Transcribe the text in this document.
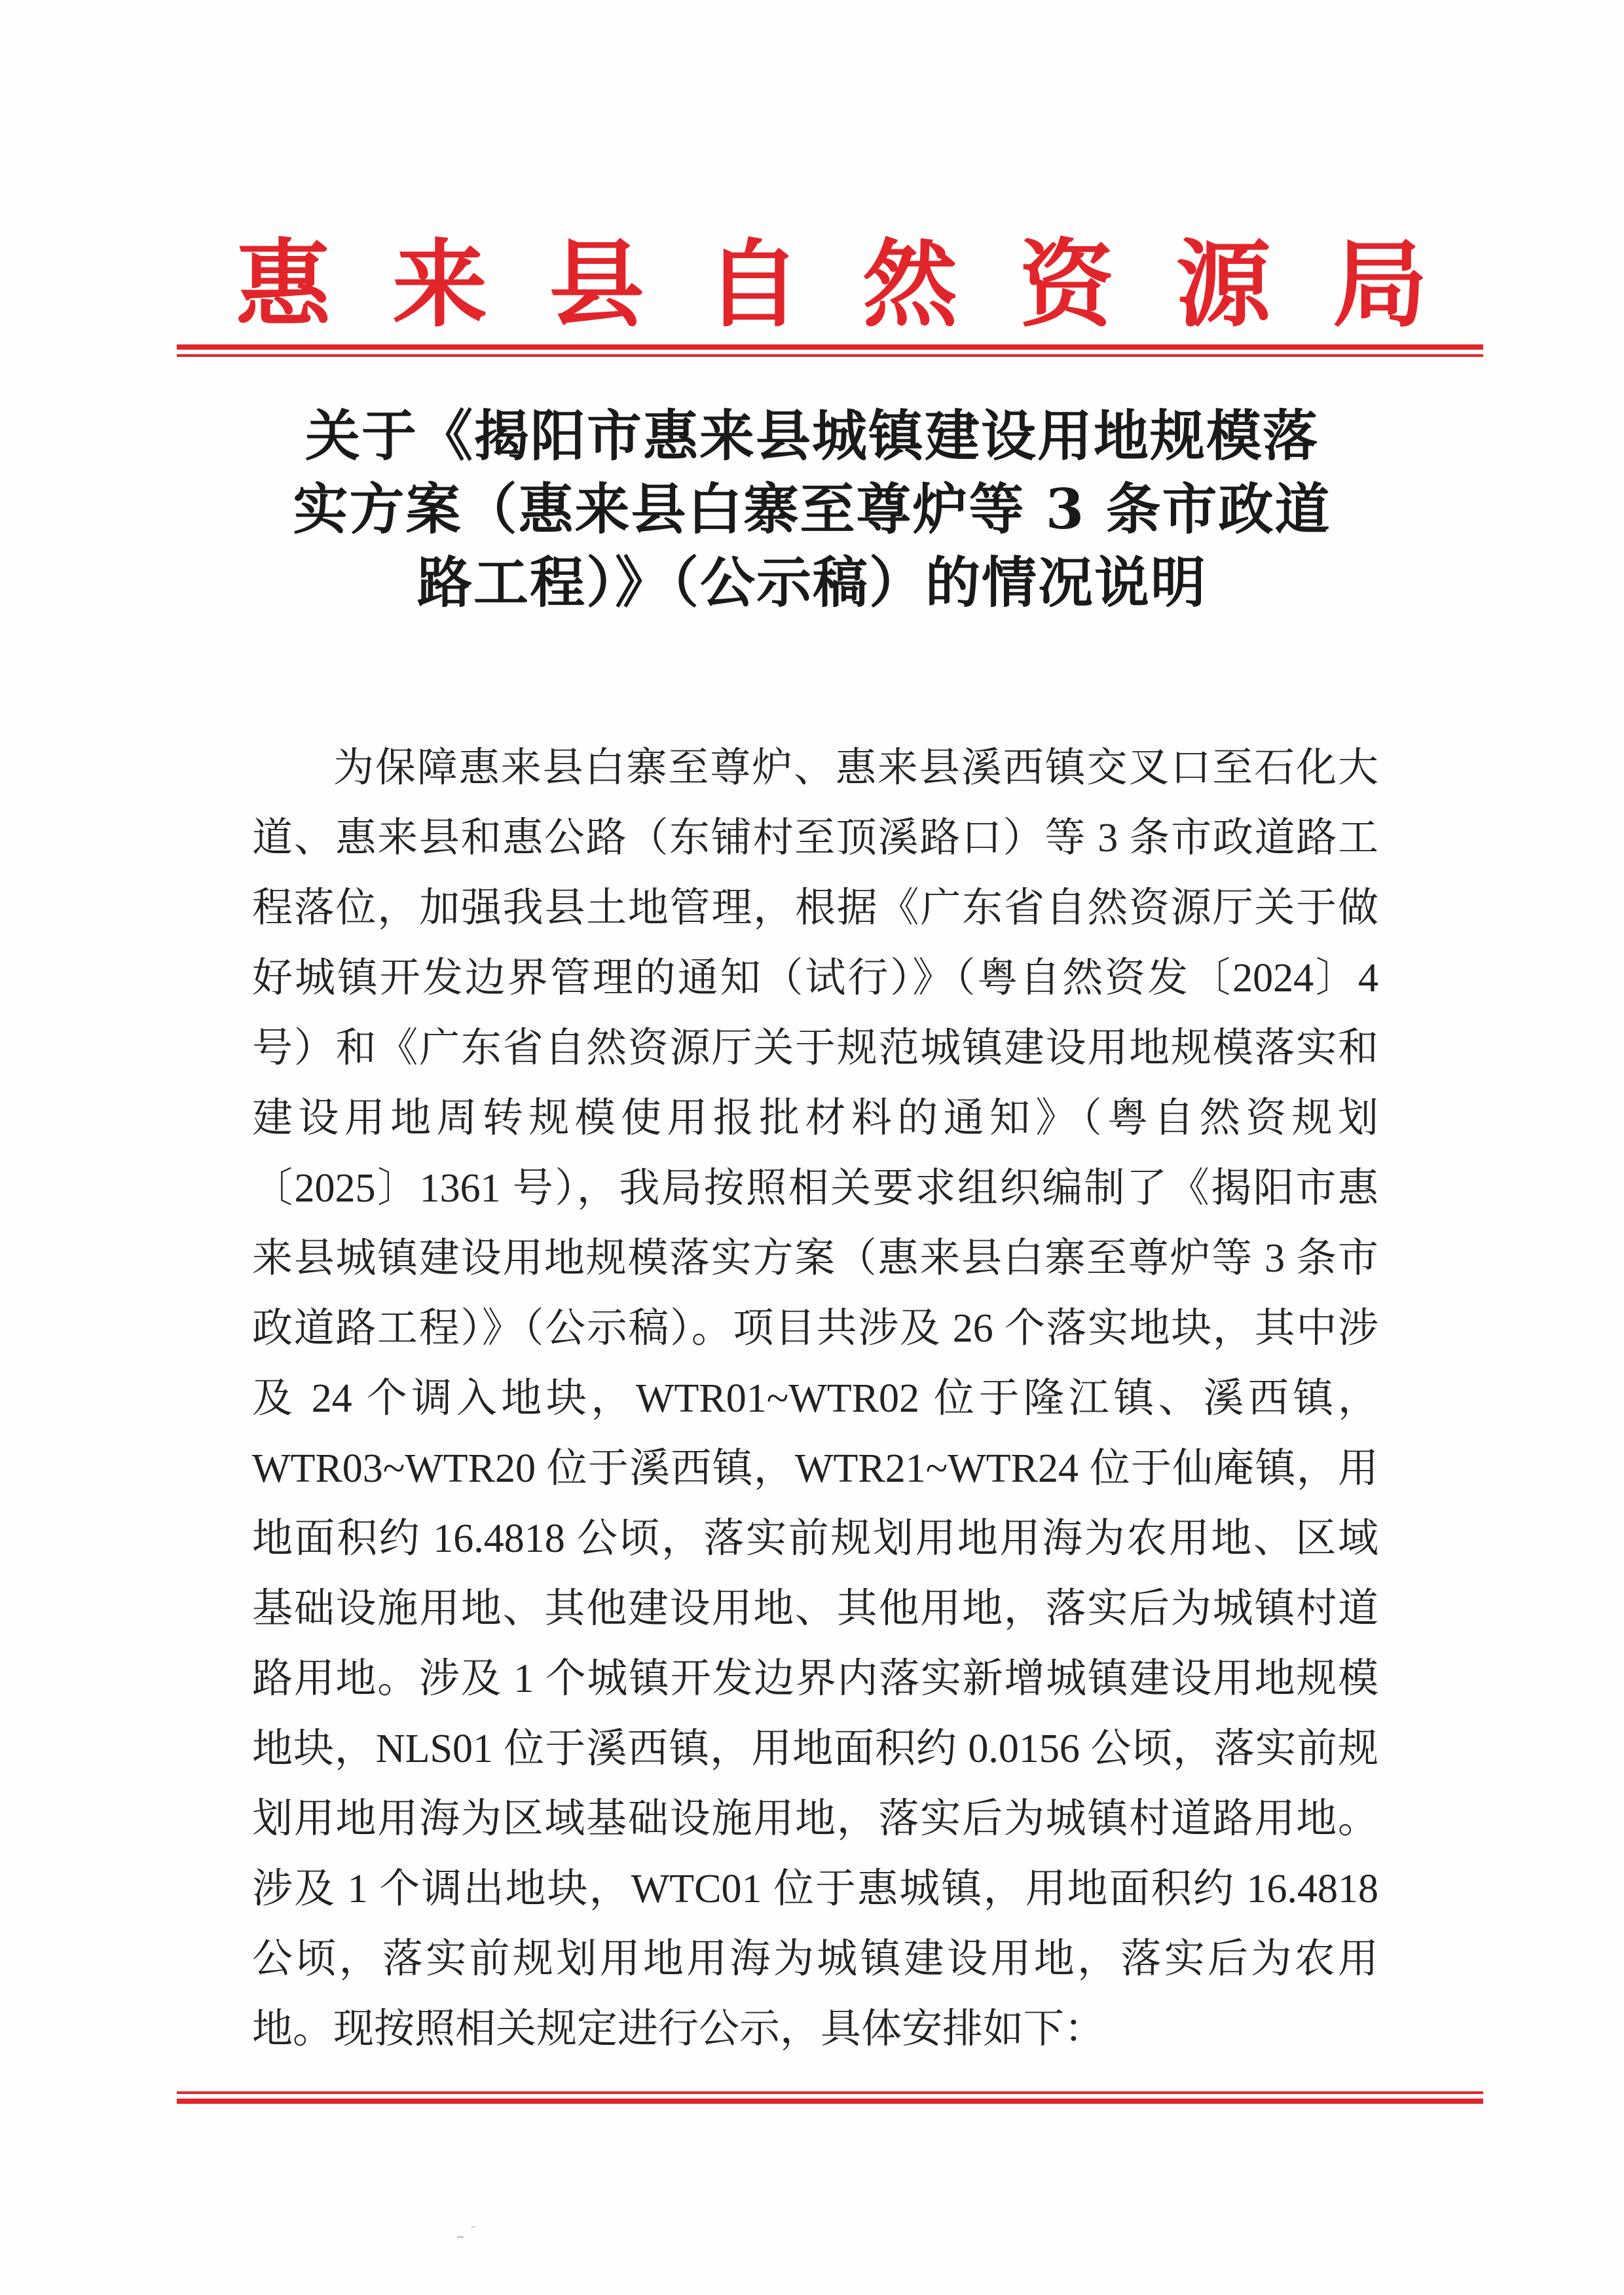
惠 来 县 自 然 资 源 局
关于《揭阳市惠来县城镇建设用地规模落
实方案（惠来县白寨至尊炉等 3 条市政道
路工程）》（公示稿）的情况说明

为保障惠来县白寨至尊炉、惠来县溪西镇交叉口至石化大道、惠来县和惠公路（东铺村至顶溪路口）等 3 条市政道路工程落位，加强我县土地管理，根据《广东省自然资源厅关于做好城镇开发边界管理的通知（试行）》（粤自然资发〔2024〕4 号）和《广东省自然资源厅关于规范城镇建设用地规模落实和建设用地周转规模使用报批材料的通知》（粤自然资规划〔2025〕1361 号），我局按照相关要求组织编制了《揭阳市惠来县城镇建设用地规模落实方案（惠来县白寨至尊炉等 3 条市政道路工程）》（公示稿）。项目共涉及 26 个落实地块，其中涉及 24 个调入地块，WTR01~WTR02 位于隆江镇、溪西镇，WTR03~WTR20 位于溪西镇，WTR21~WTR24 位于仙庵镇，用地面积约 16.4818 公顷，落实前规划用地用海为农用地、区域基础设施用地、其他建设用地、其他用地，落实后为城镇村道路用地。涉及 1 个城镇开发边界内落实新增城镇建设用地规模地块，NLS01 位于溪西镇，用地面积约 0.0156 公顷，落实前规划用地用海为区域基础设施用地，落实后为城镇村道路用地。涉及 1 个调出地块，WTC01 位于惠城镇，用地面积约 16.4818 公顷，落实前规划用地用海为城镇建设用地，落实后为农用地。现按照相关规定进行公示，具体安排如下：
